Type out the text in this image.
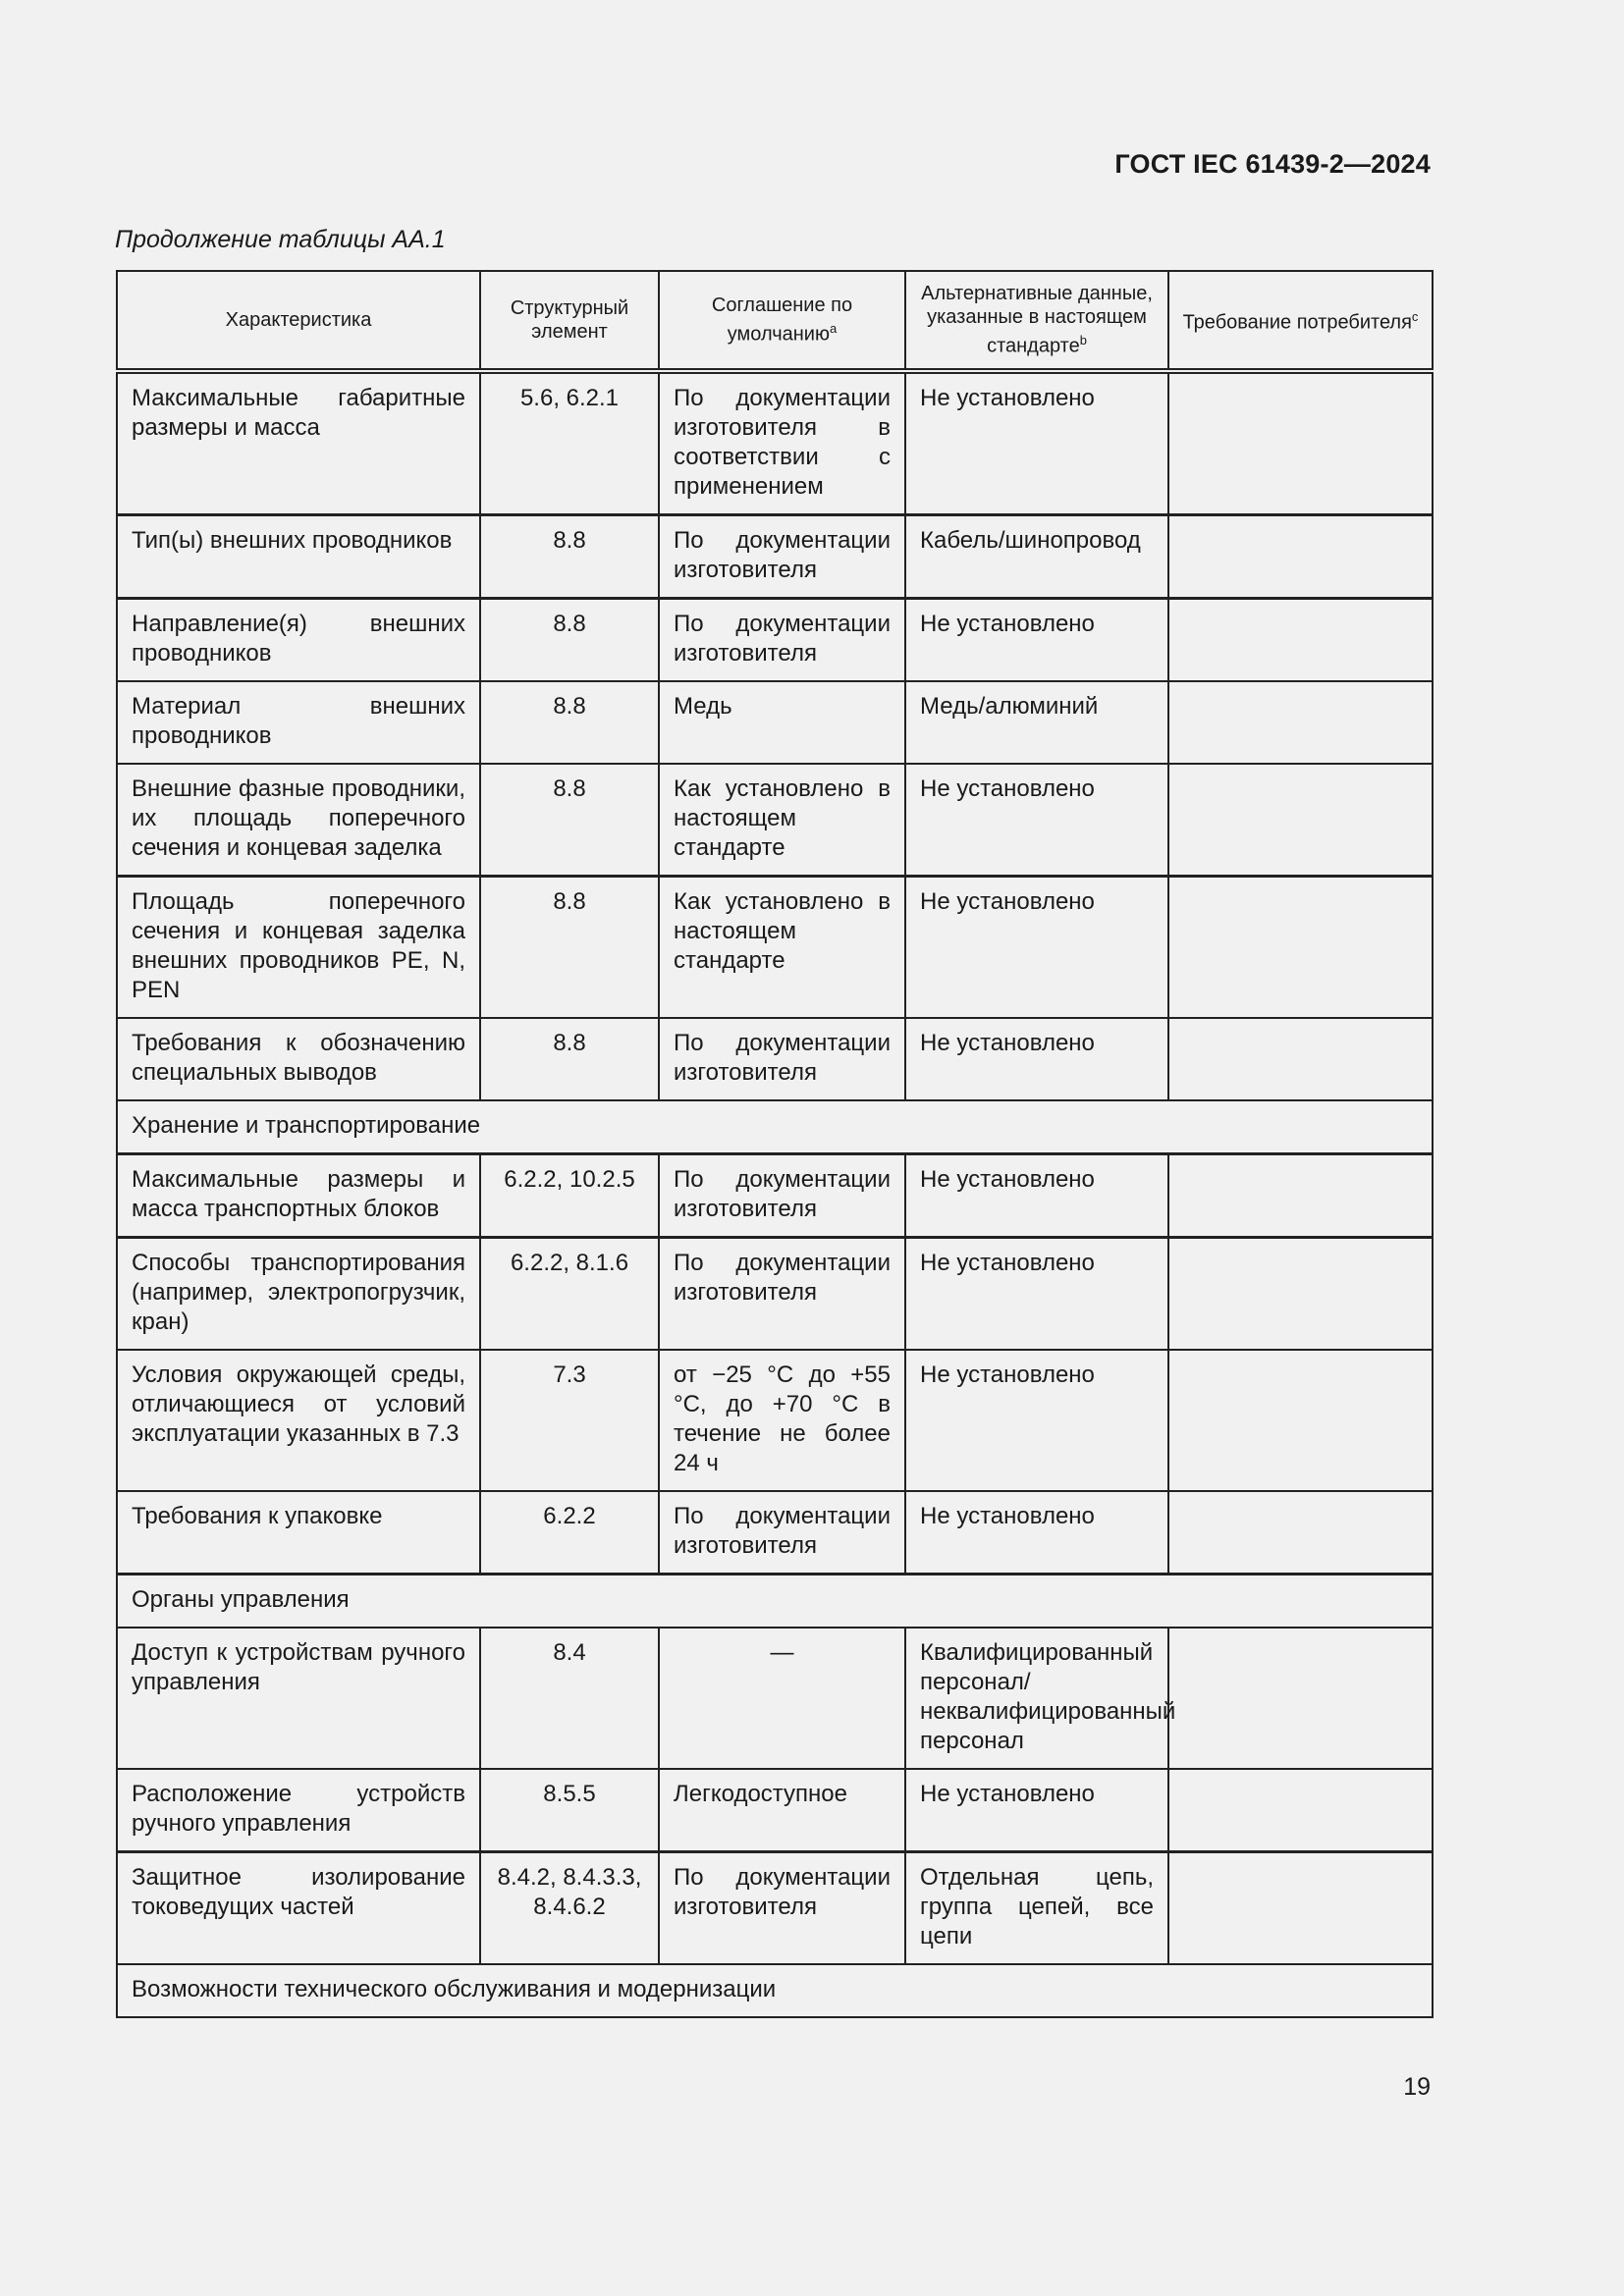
ГОСТ IEC 61439-2—2024
Продолжение таблицы АА.1
Характеристика	Структурный элемент	Соглашение по умолчанию$^a$	Альтернативные данные, указанные в настоящем стандарте$^b$	Требование потребителя$^c$
Максимальные габаритные размеры и масса	5.6, 6.2.1	По документации изготовителя в соответствии с применением	Не установлено	
Тип(ы) внешних проводников	8.8	По документации изготовителя	Кабель/шинопровод	
Направление(я) внешних проводников	8.8	По документации изготовителя	Не установлено	
Материал внешних проводников	8.8	Медь	Медь/алюминий	
Внешние фазные проводники, их площадь поперечного сечения и концевая заделка	8.8	Как установлено в настоящем стандарте	Не установлено	
Площадь поперечного сечения и концевая заделка внешних проводников PE, N, PEN	8.8	Как установлено в настоящем стандарте	Не установлено	
Требования к обозначению специальных выводов	8.8	По документации изготовителя	Не установлено	
Хранение и транспортирование				
Максимальные размеры и масса транспортных блоков	6.2.2, 10.2.5	По документации изготовителя	Не установлено	
Способы транспортирования (например, электропогрузчик, кран)	6.2.2, 8.1.6	По документации изготовителя	Не установлено	
Условия окружающей среды, отличающиеся от условий эксплуатации указанных в 7.3	7.3	от −25 °С до +55 °С, до +70 °С в течение не более 24 ч	Не установлено	
Требования к упаковке	6.2.2	По документации изготовителя	Не установлено	
Органы управления				
Доступ к устройствам ручного управления	8.4	—	Квалифицированный персонал/неквалифицированный персонал	
Расположение устройств ручного управления	8.5.5	Легкодоступное	Не установлено	
Защитное изолирование токоведущих частей	8.4.2, 8.4.3.3, 8.4.6.2	По документации изготовителя	Отдельная цепь, группа цепей, все цепи	
Возможности технического обслуживания и модернизации				
19
